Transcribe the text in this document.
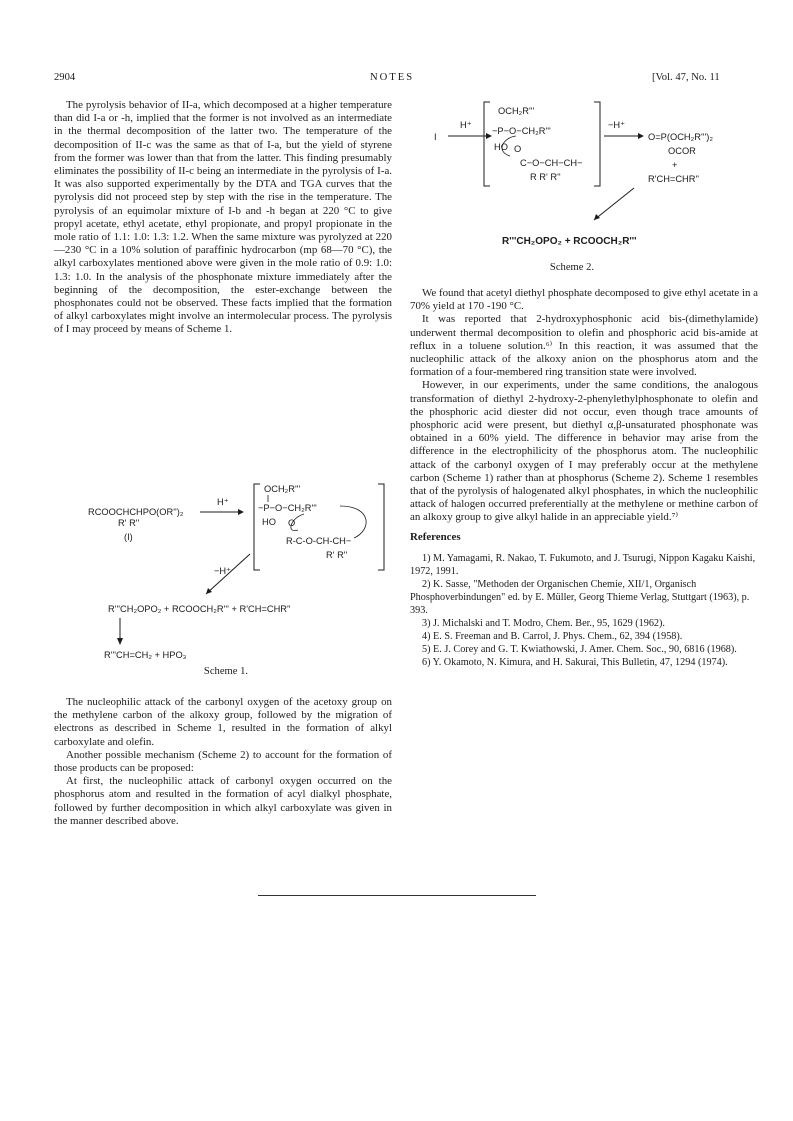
2904	NOTES	[Vol. 47, No. 11

The pyrolysis behavior of II-a, which decomposed at a higher temperature than did I-a or -h, implied that the former is not involved as an intermediate in the thermal decomposition of the latter two. The temperature of the decomposition of II-c was the same as that of I-a, but the yield of styrene from the former was lower than that from the latter. This finding presumably eliminates the possibility of II-c being an intermediate in the pyrolysis of I-a. It was also supported experimentally by the DTA and TGA curves that the pyrolysis did not proceed step by step with the rise in the temperature. The pyrolysis of an equimolar mixture of I-b and -h began at 220 °C to give propyl acetate, ethyl acetate, ethyl propionate, and propyl propionate in the mole ratio of 1.1: 1.0: 1.3: 1.2. When the same mixture was pyrolyzed at 220—230 °C in a 10% solution of paraffinic hydrocarbon (mp 68—70 °C), the alkyl carboxylates mentioned above were given in the mole ratio of 0.9: 1.0: 1.3: 1.0. In the analysis of the phosphonate mixture immediately after the beginning of the decomposition, the ester-exchange between the phosphonates could not be observed. These facts implied that the formation of alkyl carboxylates might involve an intermolecular process. The pyrolysis of I may proceed by means of Scheme 1.

RCOOCHCHPO(OR'')₂
R' R''
(I)
H⁺
OCH₂R'''
−P−O−CH₂R'''
HO O
R-C-O-CH-CH−
R' R''
−H⁺
R'''CH₂OPO₂ + RCOOCH₂R''' + R'CH=CHR''
R'''CH=CH₂ + HPO₃
Scheme 1.

The nucleophilic attack of the carbonyl oxygen of the acetoxy group on the methylene carbon of the alkoxy group, followed by the migration of electrons as described in Scheme 1, resulted in the formation of alkyl carboxylate and olefin.

Another possible mechanism (Scheme 2) to account for the formation of those products can be proposed:

At first, the nucleophilic attack of carbonyl oxygen occurred on the phosphorus atom and resulted in the formation of acyl dialkyl phosphate, followed by further decomposition in which alkyl carboxylate was given in the manner described above.

I
H⁺
OCH₂R'''
−P−O−CH₂R'''
HO O
C−O−CH−CH−
R R' R''
−H⁺
O=P(OCH₂R''')₂
OCOR
+
R'CH=CHR''
R'''CH₂OPO₂ + RCOOCH₂R'''
Scheme 2.

We found that acetyl diethyl phosphate decomposed to give ethyl acetate in a 70% yield at 170 -190 °C.

It was reported that 2-hydroxyphosphonic acid bis-(dimethylamide) underwent thermal decomposition to olefin and phosphoric acid bis-amide at reflux in a toluene solution.⁶⁾ In this reaction, it was assumed that the nucleophilic attack of the alkoxy anion on the phosphorus atom and the formation of a four-membered ring transition state were involved.

However, in our experiments, under the same conditions, the analogous transformation of diethyl 2-hydroxy-2-phenylethylphosphonate to olefin and the phosphoric acid diester did not occur, even though trace amounts of phosphoric acid were present, but diethyl α,β-unsaturated phosphonate was obtained in a 60% yield. The difference in behavior may arise from the difference in the electrophilicity of the phosphorus atom. The nucleophilic attack of the carbonyl oxygen of I may preferably occur at the methylene carbon (Scheme 1) rather than at phosphorus (Scheme 2). Scheme 1 resembles that of the pyrolysis of halogenated alkyl phosphates, in which the nucleophilic attack of halogen occurred preferentially at the methylene or methine carbon of an alkoxy group to give alkyl halide in an appreciable yield.⁷⁾

References

1) M. Yamagami, R. Nakao, T. Fukumoto, and J. Tsurugi, Nippon Kagaku Kaishi, 1972, 1991.

2) K. Sasse, "Methoden der Organischen Chemie, XII/1, Organisch Phosphoverbindungen" ed. by E. Müller, Georg Thieme Verlag, Stuttgart (1963), p. 393.

3) J. Michalski and T. Modro, Chem. Ber., 95, 1629 (1962).

4) E. S. Freeman and B. Carrol, J. Phys. Chem., 62, 394 (1958).

5) E. J. Corey and G. T. Kwiathowski, J. Amer. Chem. Soc., 90, 6816 (1968).

6) Y. Okamoto, N. Kimura, and H. Sakurai, This Bulletin, 47, 1294 (1974).
